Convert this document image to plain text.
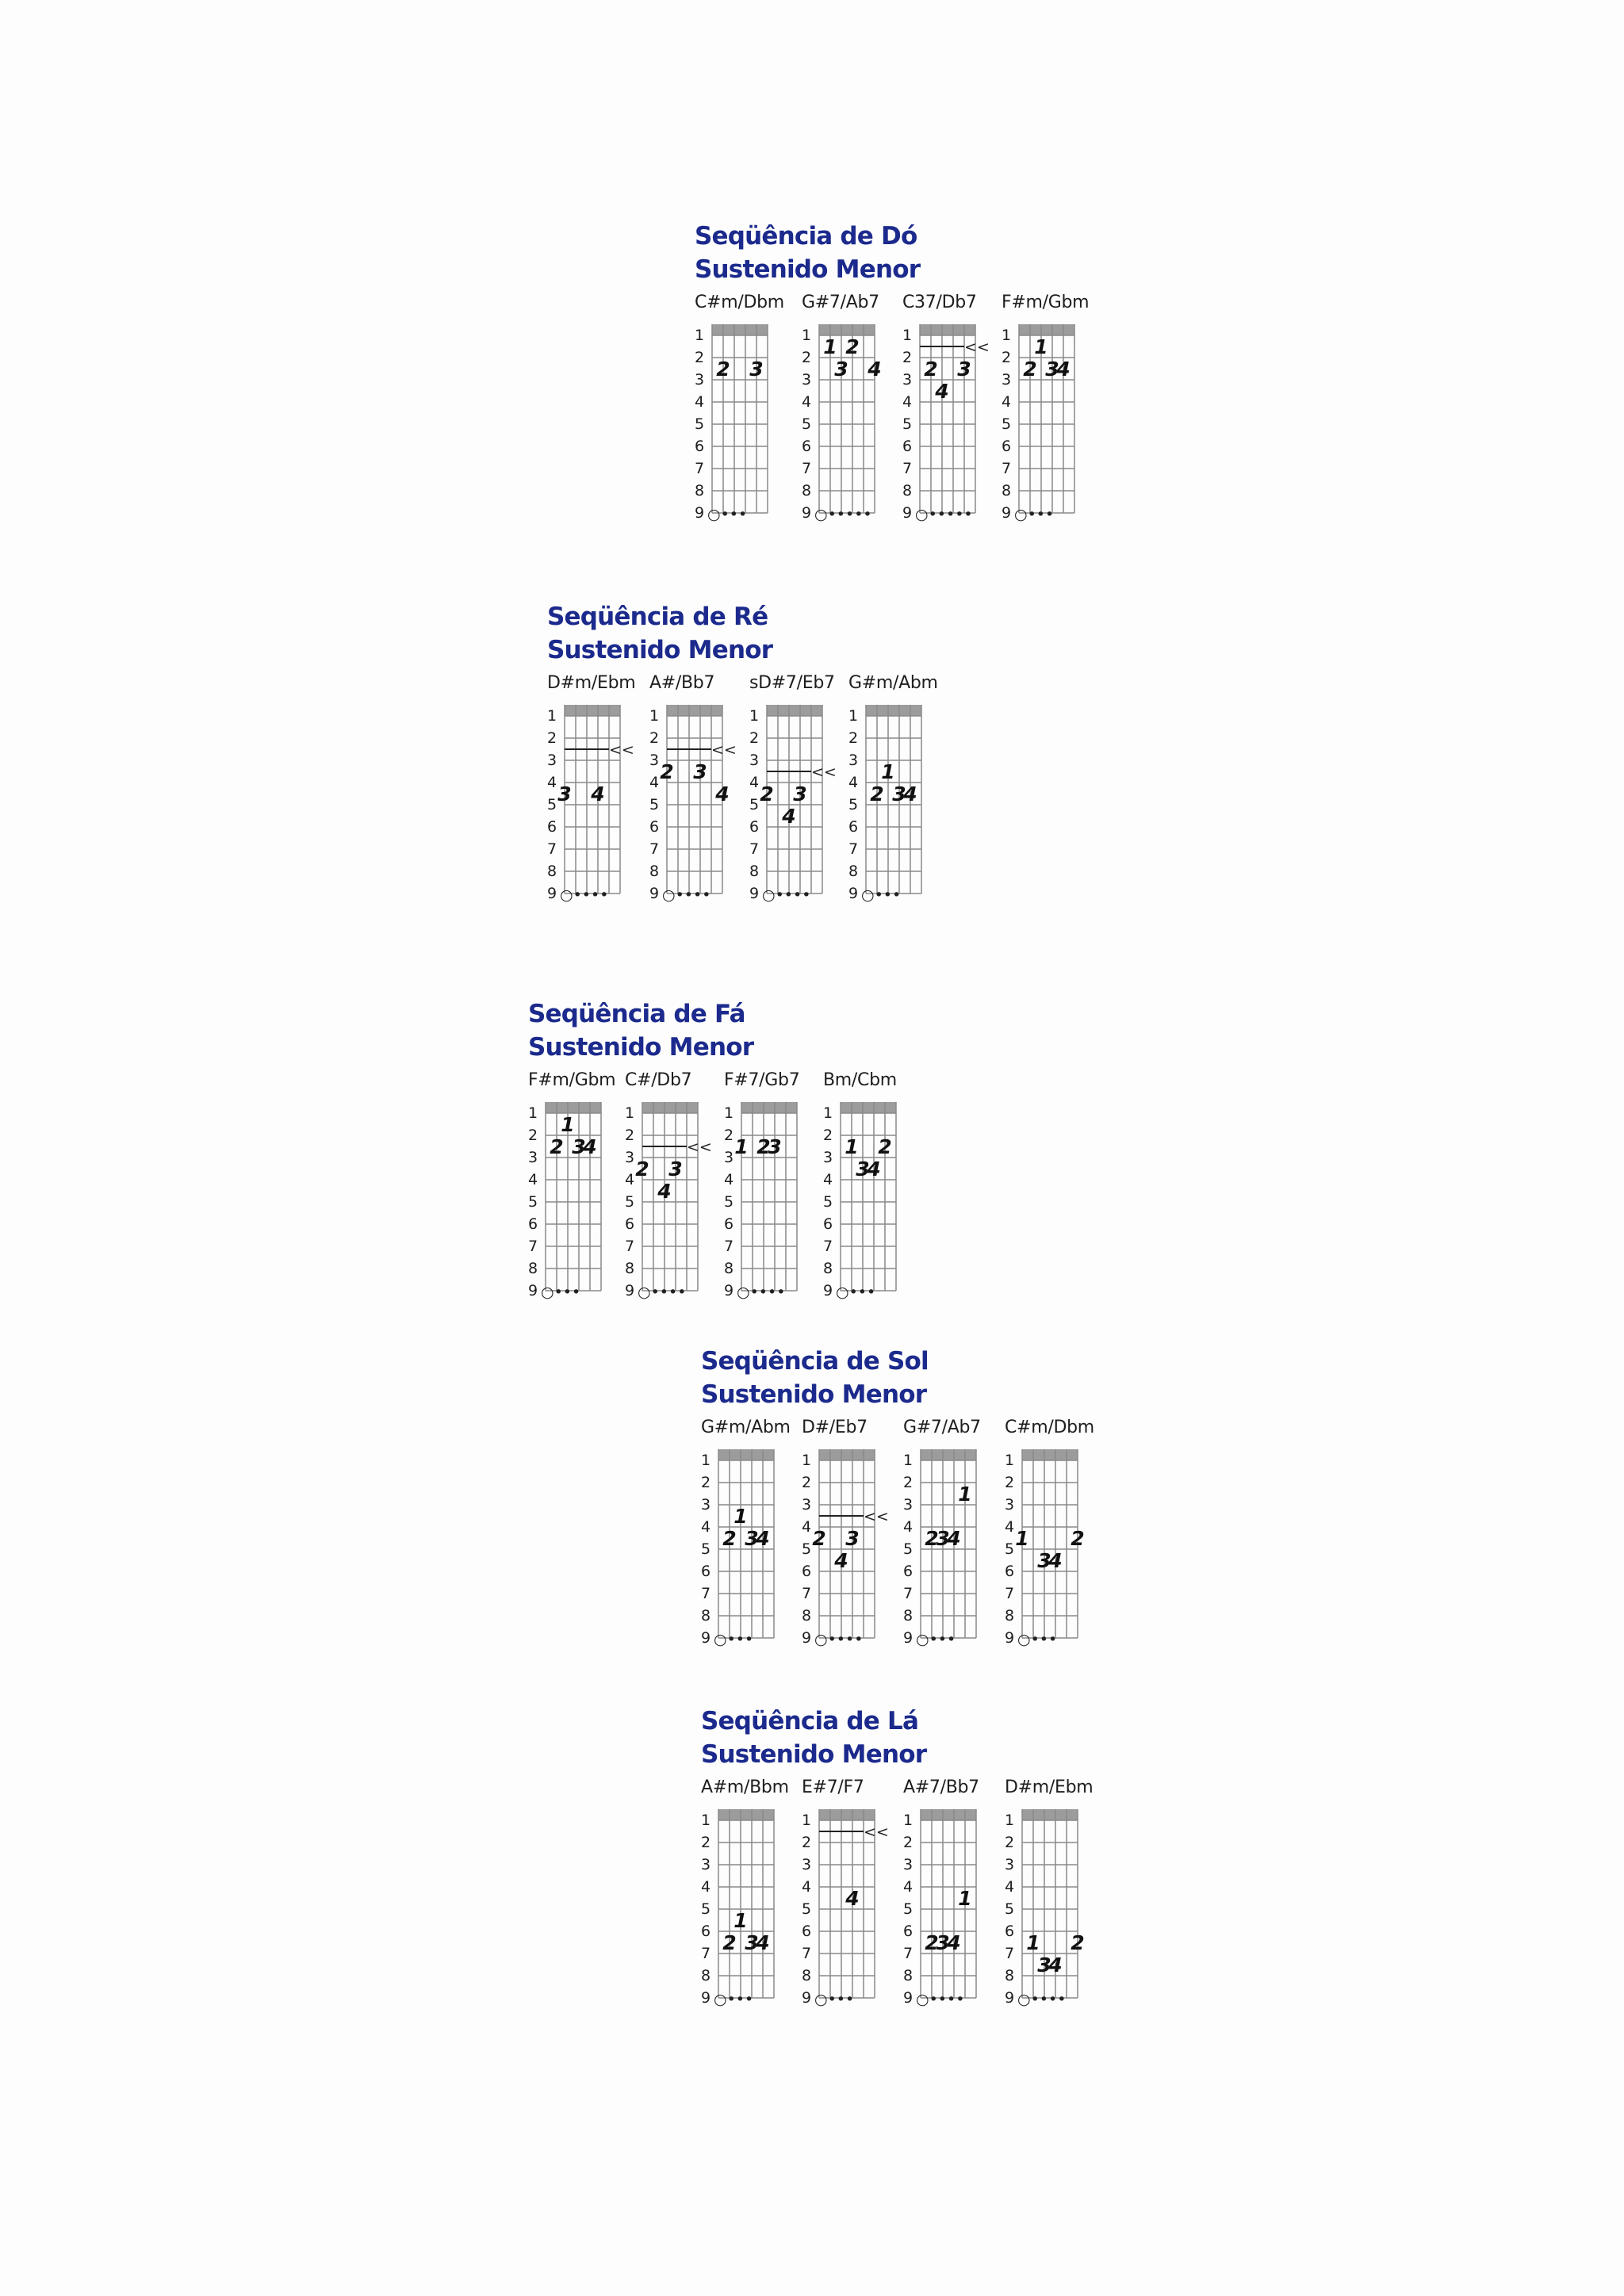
Seqüência de Dó
Sustenido Menor
C#m/Dbm
1
2
3
4
5
6
7
8
9
2 3
○•••
G#7/Ab7
1
2
3
4
5
6
7
8
9
1 2
3 4
○•••••
C37/Db7
1
2
3
4
5
6
7
8
9
<<
2 3
4
○•••••
F#m/Gbm
1
2
3
4
5
6
7
8
9
1
2 3
4
○•••
Seqüência de Ré
Sustenido Menor
D#m/Ebm
1
2
3
4
5
6
7
8
9
<<
3 4
○••••
A#/Bb7
1
2
3
4
5
6
7
8
9
<<
2 3
4
○••••
sD#7/Eb7
1
2
3
4
5
6
7
8
9
<<
2 3
4
○••••
G#m/Abm
1
2
3
4
5
6
7
8
9
1
2 3
4
○•••
Seqüência de Fá
Sustenido Menor
F#m/Gbm
1
2
3
4
5
6
7
8
9
1
2 3
4
○•••
C#/Db7
1
2
3
4
5
6
7
8
9
<<
2 3
4
○••••
F#7/Gb7
1
2
3
4
5
6
7
8
9
1 2
3
○••••
Bm/Cbm
1
2
3
4
5
6
7
8
9
1 2
3
4
○•••
Seqüência de Sol
Sustenido Menor
G#m/Abm
1
2
3
4
5
6
7
8
9
1
2 3
4
○•••
D#/Eb7
1
2
3
4
5
6
7
8
9
<<
2 3
4
○••••
G#7/Ab7
1
2
3
4
5
6
7
8
9
1
2
3
4
○•••
C#m/Dbm
1
2
3
4
5
6
7
8
9
1 2
3
4
○•••
Seqüência de Lá
Sustenido Menor
A#m/Bbm
1
2
3
4
5
6
7
8
9
1
2 3
4
○•••
E#7/F7
1
2
3
4
5
6
7
8
9
<<
4
○•••
A#7/Bb7
1
2
3
4
5
6
7
8
9
1
2
3
4
○••••
D#m/Ebm
1
2
3
4
5
6
7
8
9
1 2
3
4
○••••
